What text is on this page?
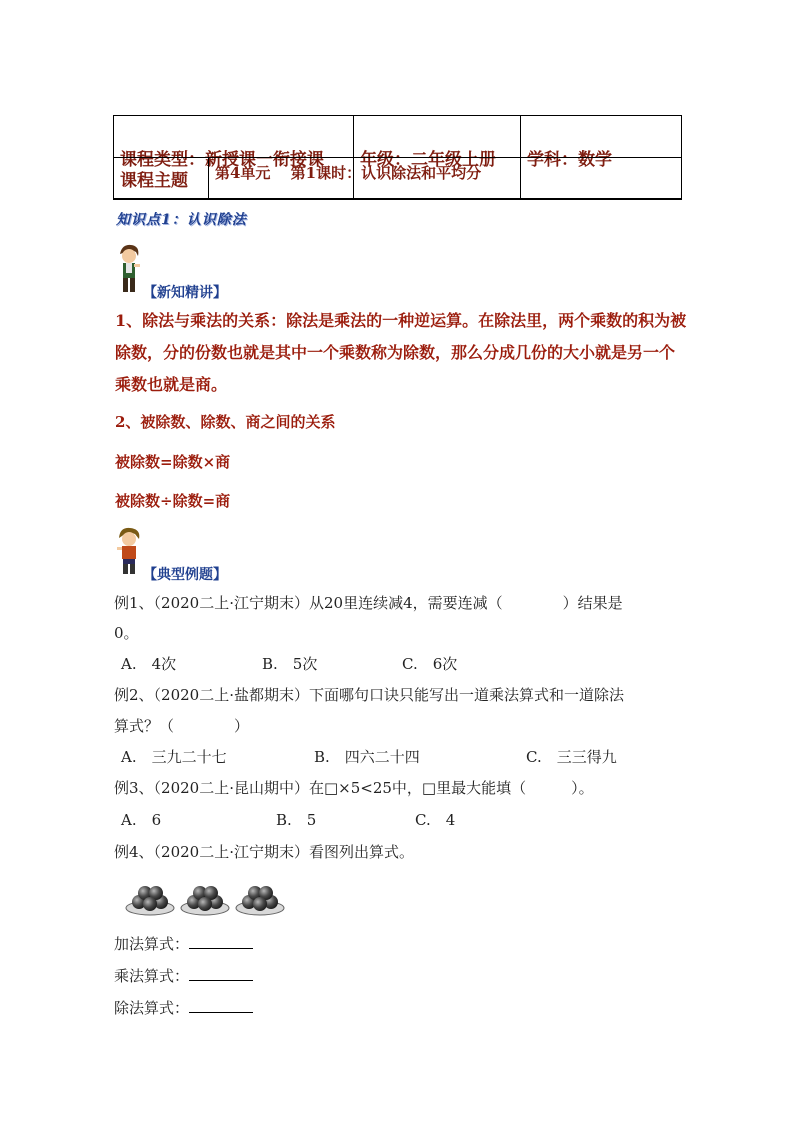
课程类型：新授课一衔接课	年级：二年级上册	学科：数学
课程主题	第4单元　 第1课时：认识除法和平均分
知识点1：认识除法
【新知精讲】
1、除法与乘法的关系：除法是乘法的一种逆运算。在除法里，两个乘数的积为被
除数，分的份数也就是其中一个乘数称为除数，那么分成几份的大小就是另一个
乘数也就是商。
2、被除数、除数、商之间的关系
被除数=除数×商
被除数÷除数=商
【典型例题】
例1、（2020二上·江宁期末）从20里连续减4，需要连减（　　　　）结果是
0。
A.　4次	B.　5次	C.　6次
例2、（2020二上·盐都期末）下面哪句口诀只能写出一道乘法算式和一道除法
算式？（　　　　）
A.　三九二十七	B.　四六二十四	C.　三三得九
例3、（2020二上·昆山期中）在□×5<25中，□里最大能填（　　　）。
A.　6	B.　5	C.　4
例4、（2020二上·江宁期末）看图列出算式。
加法算式：
乘法算式：
除法算式：
